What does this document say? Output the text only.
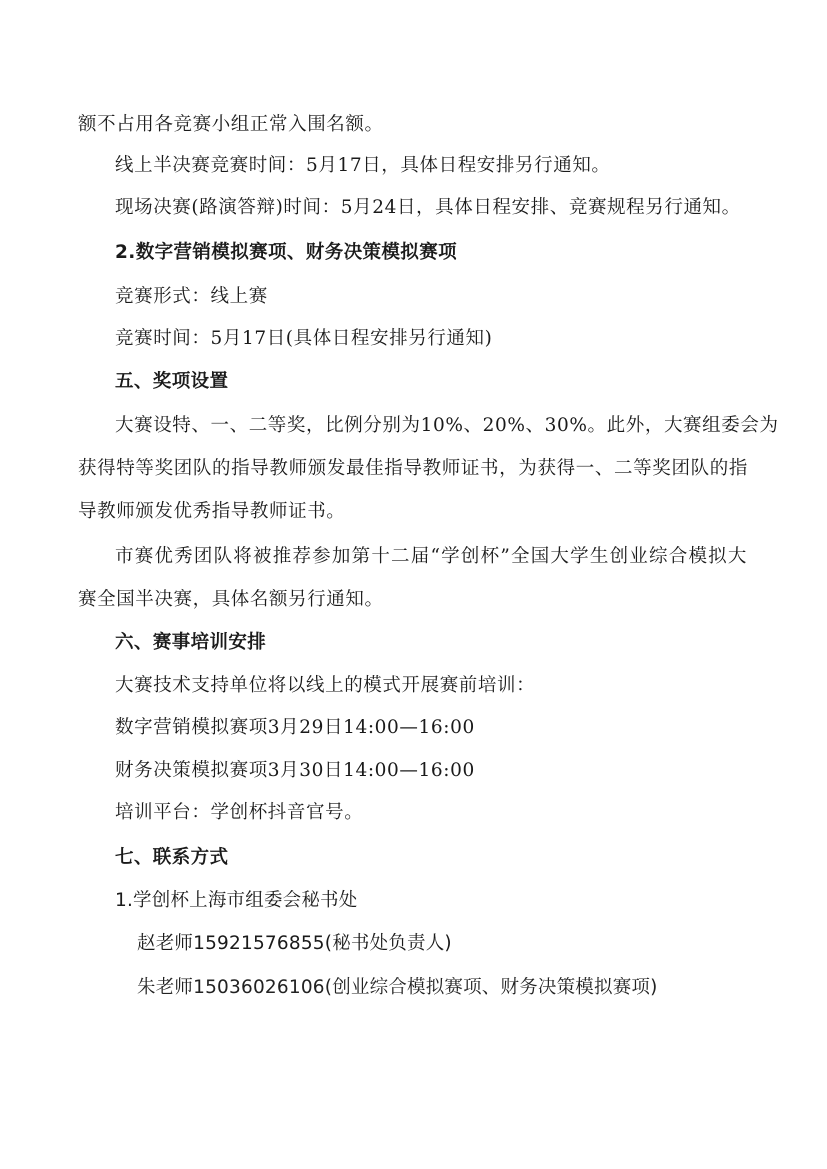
额不占用各竞赛小组正常入围名额。
线上半决赛竞赛时间：5月17日，具体日程安排另行通知。
现场决赛(路演答辩)时间：5月24日，具体日程安排、竞赛规程另行通知。
2.数字营销模拟赛项、财务决策模拟赛项
竞赛形式：线上赛
竞赛时间：5月17日(具体日程安排另行通知)
五、奖项设置
大赛设特、一、二等奖，比例分别为10%、20%、30%。此外，大赛组委会为
获得特等奖团队的指导教师颁发最佳指导教师证书，为获得一、二等奖团队的指
导教师颁发优秀指导教师证书。
市赛优秀团队将被推荐参加第十二届“学创杯”全国大学生创业综合模拟大
赛全国半决赛，具体名额另行通知。
六、赛事培训安排
大赛技术支持单位将以线上的模式开展赛前培训：
数字营销模拟赛项3月29日14:00—16:00
财务决策模拟赛项3月30日14:00—16:00
培训平台：学创杯抖音官号。
七、联系方式
1.学创杯上海市组委会秘书处
赵老师15921576855(秘书处负责人)
朱老师15036026106(创业综合模拟赛项、财务决策模拟赛项)
